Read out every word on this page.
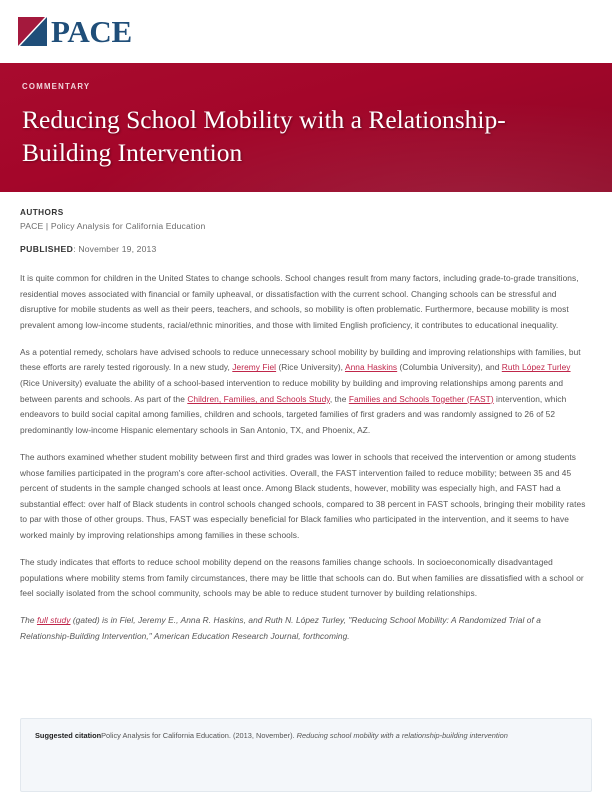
PACE

COMMENTARY

Reducing School Mobility with a Relationship-Building Intervention

AUTHORS

PACE | Policy Analysis for California Education

PUBLISHED: November 19, 2013

It is quite common for children in the United States to change schools. School changes result from many factors, including grade-to-grade transitions, residential moves associated with financial or family upheaval, or dissatisfaction with the current school. Changing schools can be stressful and disruptive for mobile students as well as their peers, teachers, and schools, so mobility is often problematic. Furthermore, because mobility is most prevalent among low-income students, racial/ethnic minorities, and those with limited English proficiency, it contributes to educational inequality.

As a potential remedy, scholars have advised schools to reduce unnecessary school mobility by building and improving relationships with families, but these efforts are rarely tested rigorously. In a new study, Jeremy Fiel (Rice University), Anna Haskins (Columbia University), and Ruth López Turley (Rice University) evaluate the ability of a school-based intervention to reduce mobility by building and improving relationships among parents and between parents and schools. As part of the Children, Families, and Schools Study, the Families and Schools Together (FAST) intervention, which endeavors to build social capital among families, children and schools, targeted families of first graders and was randomly assigned to 26 of 52 predominantly low-income Hispanic elementary schools in San Antonio, TX, and Phoenix, AZ.

The authors examined whether student mobility between first and third grades was lower in schools that received the intervention or among students whose families participated in the program's core after-school activities. Overall, the FAST intervention failed to reduce mobility; between 35 and 45 percent of students in the sample changed schools at least once. Among Black students, however, mobility was especially high, and FAST had a substantial effect: over half of Black students in control schools changed schools, compared to 38 percent in FAST schools, bringing their mobility rates to par with those of other groups. Thus, FAST was especially beneficial for Black families who participated in the intervention, and it seems to have worked mainly by improving relationships among families in these schools.

The study indicates that efforts to reduce school mobility depend on the reasons families change schools. In socioeconomically disadvantaged populations where mobility stems from family circumstances, there may be little that schools can do. But when families are dissatisfied with a school or feel socially isolated from the school community, schools may be able to reduce student turnover by building relationships.

The full study (gated) is in Fiel, Jeremy E., Anna R. Haskins, and Ruth N. López Turley, "Reducing School Mobility: A Randomized Trial of a Relationship-Building Intervention," American Education Research Journal, forthcoming.

Suggested citationPolicy Analysis for California Education. (2013, November). Reducing school mobility with a relationship-building intervention
